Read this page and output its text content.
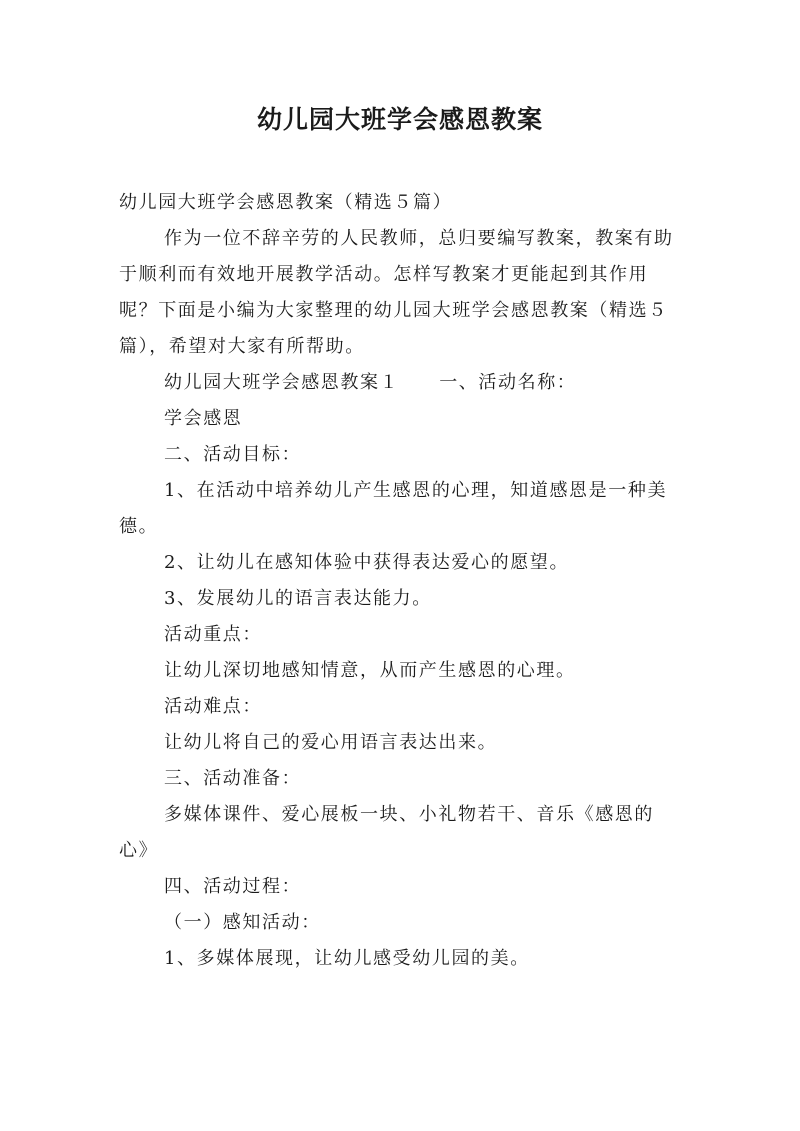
幼儿园大班学会感恩教案

幼儿园大班学会感恩教案（精选５篇）

作为一位不辞辛劳的人民教师，总归要编写教案，教案有助于顺利而有效地开展教学活动。怎样写教案才更能起到其作用呢？下面是小编为大家整理的幼儿园大班学会感恩教案（精选５篇），希望对大家有所帮助。

幼儿园大班学会感恩教案１ 一、活动名称：

学会感恩

二、活动目标：

1、在活动中培养幼儿产生感恩的心理，知道感恩是一种美德。

2、让幼儿在感知体验中获得表达爱心的愿望。

3、发展幼儿的语言表达能力。

活动重点：

让幼儿深切地感知情意，从而产生感恩的心理。

活动难点：

让幼儿将自己的爱心用语言表达出来。

三、活动准备：

多媒体课件、爱心展板一块、小礼物若干、音乐《感恩的心》

四、活动过程：

（一）感知活动：

1、多媒体展现，让幼儿感受幼儿园的美。
